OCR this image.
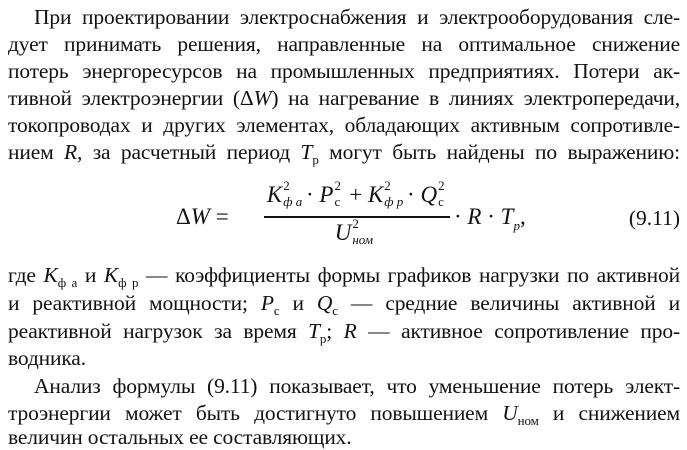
При проектировании электроснабжения и электрооборудования сле-
дует принимать решения, направленные на оптимальное снижение
потерь энергоресурсов на промышленных предприятиях. Потери ак-
тивной электроэнергии (ΔW) на нагревание в линиях электропередачи,
токопроводах и других элементах, обладающих активным сопротивле-
нием R, за расчетный период $T_р$ могут быть найдены по выражению:
ΔW =
K 2
ф а
· P 2
с + K 2
ф р
· Q 2
с
U 2
ном
· $R \cdot T_р$,	(9.11)
где $K_{ф а}$ и $K_{ф р}$ — коэффициенты формы графиков нагрузки по активной
и реактивной мощности; $P_с$ и $Q_с$ — средние величины активной и
реактивной нагрузок за время $T_р$; R — активное сопротивление про-
водника.
Анализ формулы (9.11) показывает, что уменьшение потерь элект-
троэнергии может быть достигнуто повышением $U_{ном}$ и снижением
величин остальных ее составляющих.
